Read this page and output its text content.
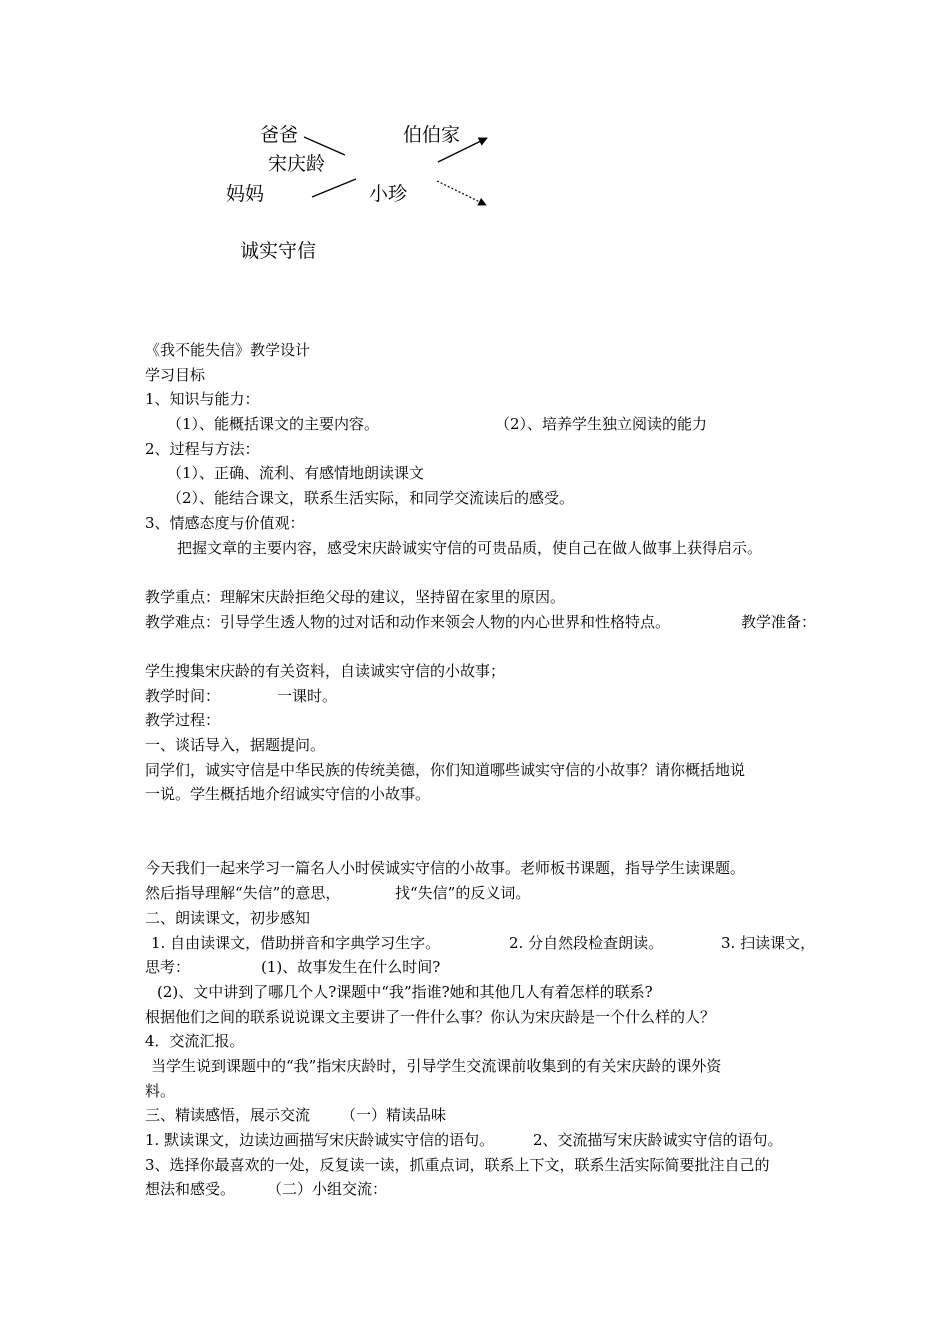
爸爸	伯伯家
宋庆龄
妈妈	小珍
诚实守信
《我不能失信》教学设计
学习目标
1、知识与能力：
（1）、能概括课文的主要内容。	（2）、培养学生独立阅读的能力
2、过程与方法：
（1）、正确、流利、有感情地朗读课文
（2）、能结合课文，联系生活实际，和同学交流读后的感受。
3、情感态度与价值观：
把握文章的主要内容，感受宋庆龄诚实守信的可贵品质，使自己在做人做事上获得启示。
教学重点：理解宋庆龄拒绝父母的建议，坚持留在家里的原因。
教学难点：引导学生透人物的过对话和动作来领会人物的内心世界和性格特点。	教学准备：
学生搜集宋庆龄的有关资料，自读诚实守信的小故事；
教学时间：	一课时。
教学过程：
一、谈话导入，据题提问。
同学们，诚实守信是中华民族的传统美德，你们知道哪些诚实守信的小故事？请你概括地说
一说。学生概括地介绍诚实守信的小故事。
今天我们一起来学习一篇名人小时侯诚实守信的小故事。老师板书课题，指导学生读课题。
然后指导理解“失信”的意思，	找“失信”的反义词。
二、朗读课文，初步感知
1. 自由读课文，借助拼音和字典学习生字。	2. 分自然段检查朗读。	3. 扫读课文，
思考：	(1)、故事发生在什么时间?
(2)、文中讲到了哪几个人?课题中“我”指谁?她和其他几人有着怎样的联系?
根据他们之间的联系说说课文主要讲了一件什么事？你认为宋庆龄是一个什么样的人？
4．交流汇报。
当学生说到课题中的“我”指宋庆龄时，引导学生交流课前收集到的有关宋庆龄的课外资
料。
三、精读感悟，展示交流 （一）精读品味
1. 默读课文，边读边画描写宋庆龄诚实守信的语句。	2、交流描写宋庆龄诚实守信的语句。
3、选择你最喜欢的一处，反复读一读，抓重点词，联系上下文，联系生活实际简要批注自己的
想法和感受。 （二）小组交流：
